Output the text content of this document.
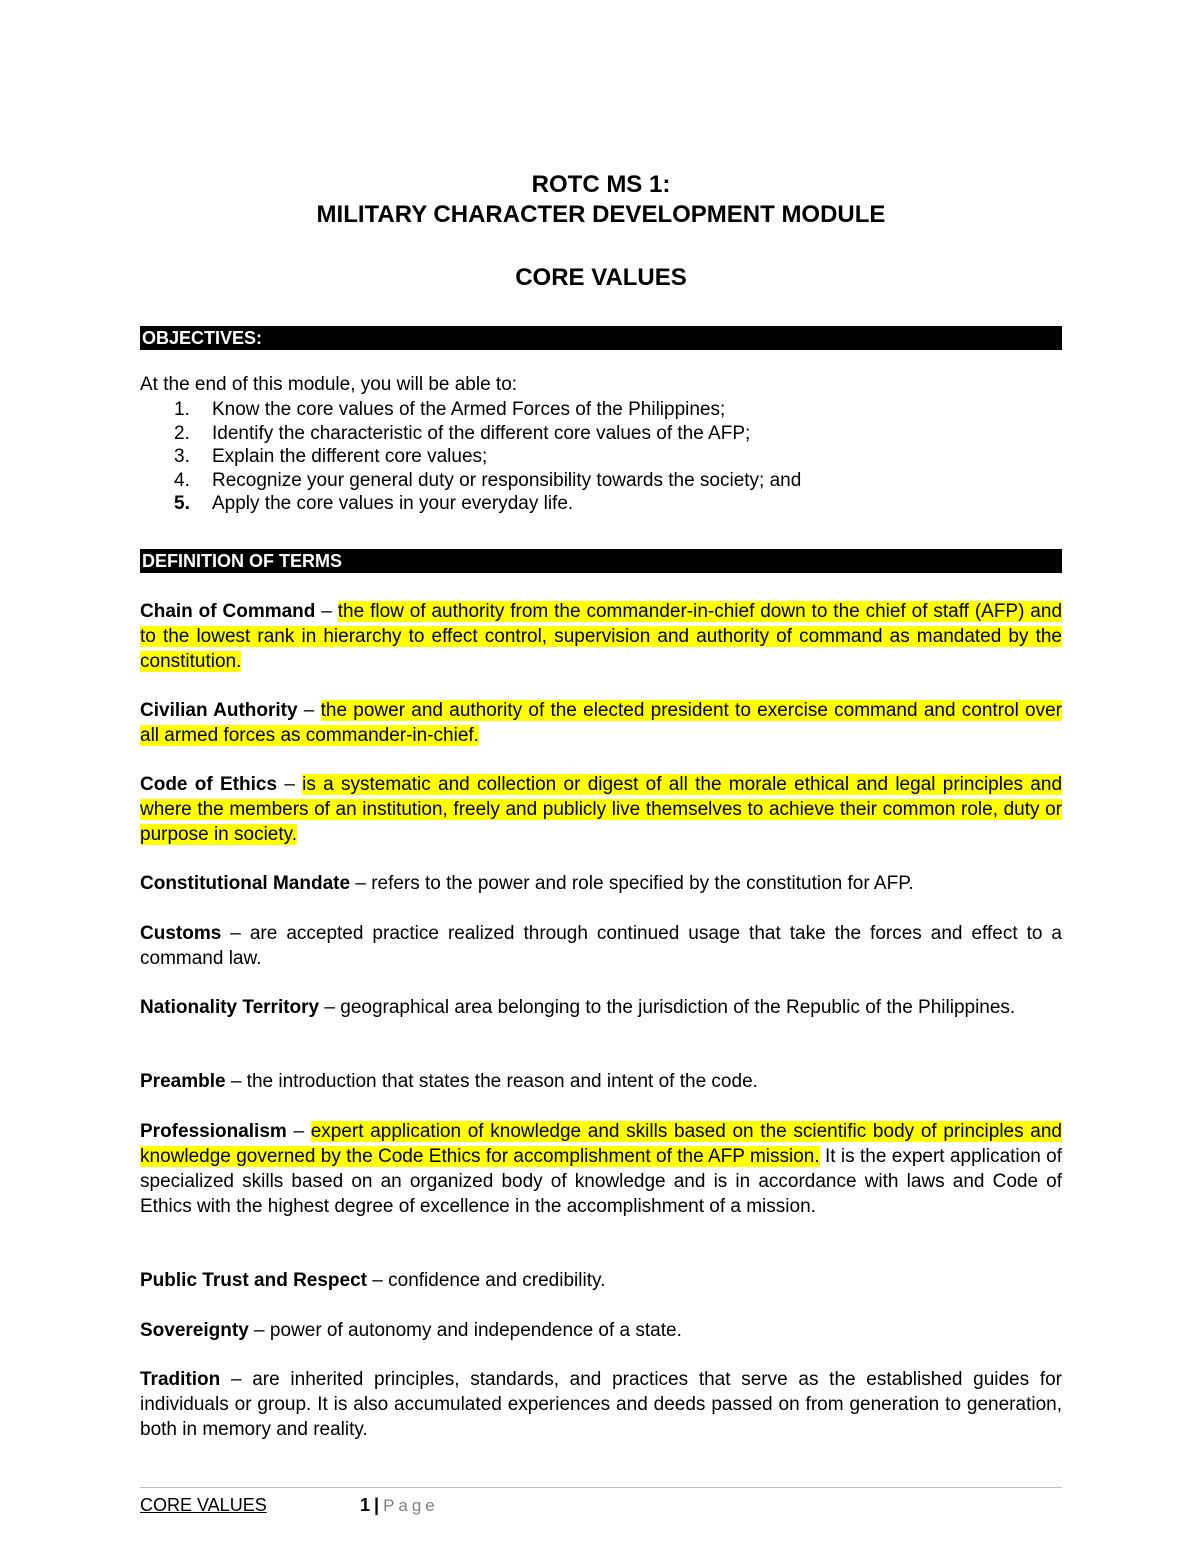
ROTC MS 1:
MILITARY CHARACTER DEVELOPMENT MODULE
CORE VALUES
OBJECTIVES:
At the end of this module, you will be able to:
1.	Know the core values of the Armed Forces of the Philippines;
2.	Identify the characteristic of the different core values of the AFP;
3.	Explain the different core values;
4.	Recognize your general duty or responsibility towards the society; and
5.	Apply the core values in your everyday life.
DEFINITION OF TERMS

Chain of Command – the flow of authority from the commander-in-chief down to the chief of staff (AFP) and to the lowest rank in hierarchy to effect control, supervision and authority of command as mandated by the constitution.

Civilian Authority – the power and authority of the elected president to exercise command and control over all armed forces as commander-in-chief.

Code of Ethics – is a systematic and collection or digest of all the morale ethical and legal principles and where the members of an institution, freely and publicly live themselves to achieve their common role, duty or purpose in society.

Constitutional Mandate – refers to the power and role specified by the constitution for AFP.

Customs – are accepted practice realized through continued usage that take the forces and effect to a command law.

Nationality Territory – geographical area belonging to the jurisdiction of the Republic of the Philippines.

Preamble – the introduction that states the reason and intent of the code.

Professionalism – expert application of knowledge and skills based on the scientific body of principles and knowledge governed by the Code Ethics for accomplishment of the AFP mission. It is the expert application of specialized skills based on an organized body of knowledge and is in accordance with laws and Code of Ethics with the highest degree of excellence in the accomplishment of a mission.

Public Trust and Respect – confidence and credibility.

Sovereignty – power of autonomy and independence of a state.

Tradition – are inherited principles, standards, and practices that serve as the established guides for individuals or group. It is also accumulated experiences and deeds passed on from generation to generation, both in memory and reality.

CORE VALUES	1 | Page
